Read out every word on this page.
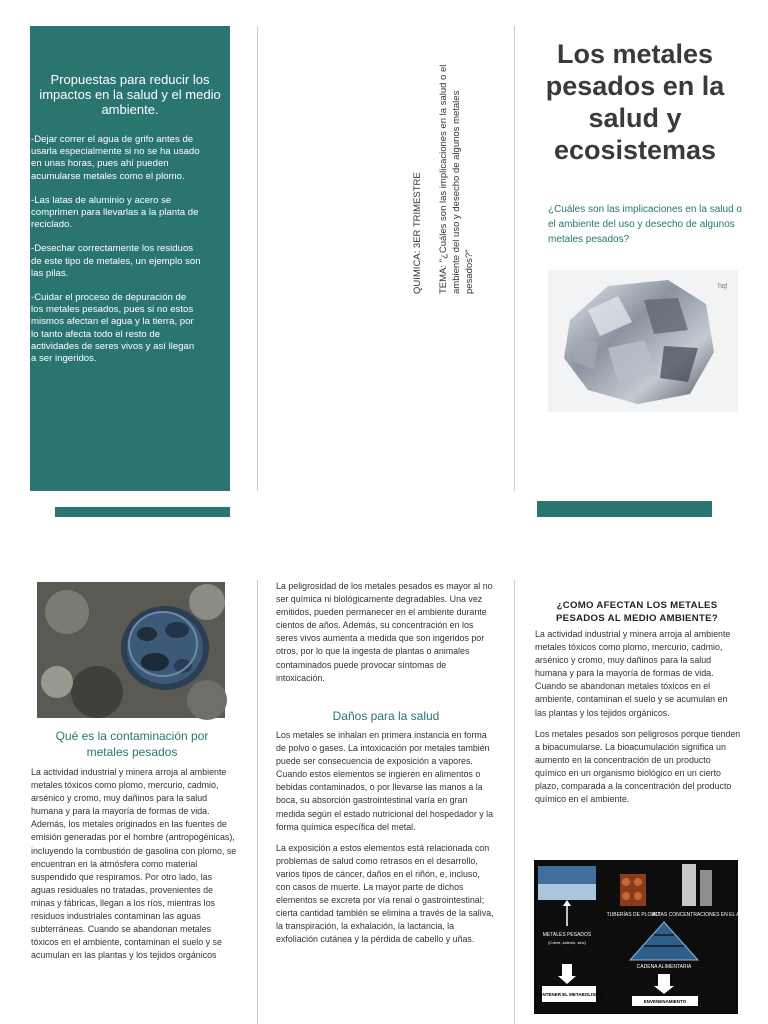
Propuestas para reducir los impactos en la salud y el medio ambiente.

-Dejar correr el agua de grifo antes de usarla especialmente si no se ha usado en unas horas, pues ahí pueden acumularse metales como el plomo.

-Las latas de aluminio y acero se comprimen para llevarlas a la planta de reciclado.

-Desechar correctamente los residuos de este tipo de metales, un ejemplo son las pilas.

-Cuidar el proceso de depuración de los metales pesados, pues si no estos mismos afectan el agua y la tierra, por lo tanto afecta todo el resto de actividades de seres vivos y así llegan a ser ingeridos.

QUIMICA: 3ER TRIMESTRE TEMA: "¿Cuáles son las implicaciones en la salud o el ambiente del uso y desecho de algunos metales pesados?"

Los metales pesados en la salud y ecosistemas
¿Cuáles son las implicaciones en la salud o el ambiente del uso y desecho de algunos metales pesados?
hq!
Qué es la contaminación por metales pesados

La actividad industrial y minera arroja al ambiente metales tóxicos como plomo, mercurio, cadmio, arsénico y cromo, muy dañinos para la salud humana y para la mayoría de formas de vida. Además, los metales originados en las fuentes de emisión generadas por el hombre (antropogénicas), incluyendo la combustión de gasolina con plomo, se encuentran en la atmósfera como material suspendido que respiramos. Por otro lado, las aguas residuales no tratadas, provenientes de minas y fábricas, llegan a los ríos, mientras los residuos industriales contaminan las aguas subterráneas. Cuando se abandonan metales tóxicos en el ambiente, contaminan el suelo y se acumulan en las plantas y los tejidos orgánicos

La peligrosidad de los metales pesados es mayor al no ser química ni biológicamente degradables. Una vez emitidos, pueden permanecer en el ambiente durante cientos de años. Además, su concentración en los seres vivos aumenta a medida que son ingeridos por otros, por lo que la ingesta de plantas o animales contaminados puede provocar síntomas de intoxicación.

Daños para la salud

Los metales se inhalan en primera instancia en forma de polvo o gases. La intoxicación por metales también puede ser consecuencia de exposición a vapores. Cuando estos elementos se ingieren en alimentos o bebidas contaminados, o por llevarse las manos a la boca, su absorción gastrointestinal varía en gran medida según el estado nutricional del hospedador y la forma química específica del metal.

La exposición a estos elementos está relacionada con problemas de salud como retrasos en el desarrollo, varios tipos de cáncer, daños en el riñón, e, incluso, con casos de muerte. La mayor parte de dichos elementos se excreta por vía renal o gastrointestinal; cierta cantidad también se elimina a través de la saliva, la transpiración, la exhalación, la lactancia, la exfoliación cutánea y la pérdida de cabello y uñas.

¿COMO AFECTAN LOS METALES PESADOS AL MEDIO AMBIENTE?

La actividad industrial y minera arroja al ambiente metales tóxicos como plomo, mercurio, cadmio, arsénico y cromo, muy dañinos para la salud humana y para la mayoría de formas de vida. Cuando se abandonan metales tóxicos en el ambiente, contaminan el suelo y se acumulan en las plantas y los tejidos orgánicos.

Los metales pesados son peligrosos porque tienden a bioacumularse. La bioacumulación significa un aumento en la concentración de un producto químico en un organismo biológico en un cierto plazo, comparada a la concentración del producto químico en el ambiente.

METALES PESADOS
(Cobre, zalenio, zinc)
TUBERÍAS DE PLOMO
ALTAS CONCENTRACIONES EN EL AIRE
CADENA ALIMENTARIA
MANTENER EL METABOLISMO
ENVENENAMIENTO
